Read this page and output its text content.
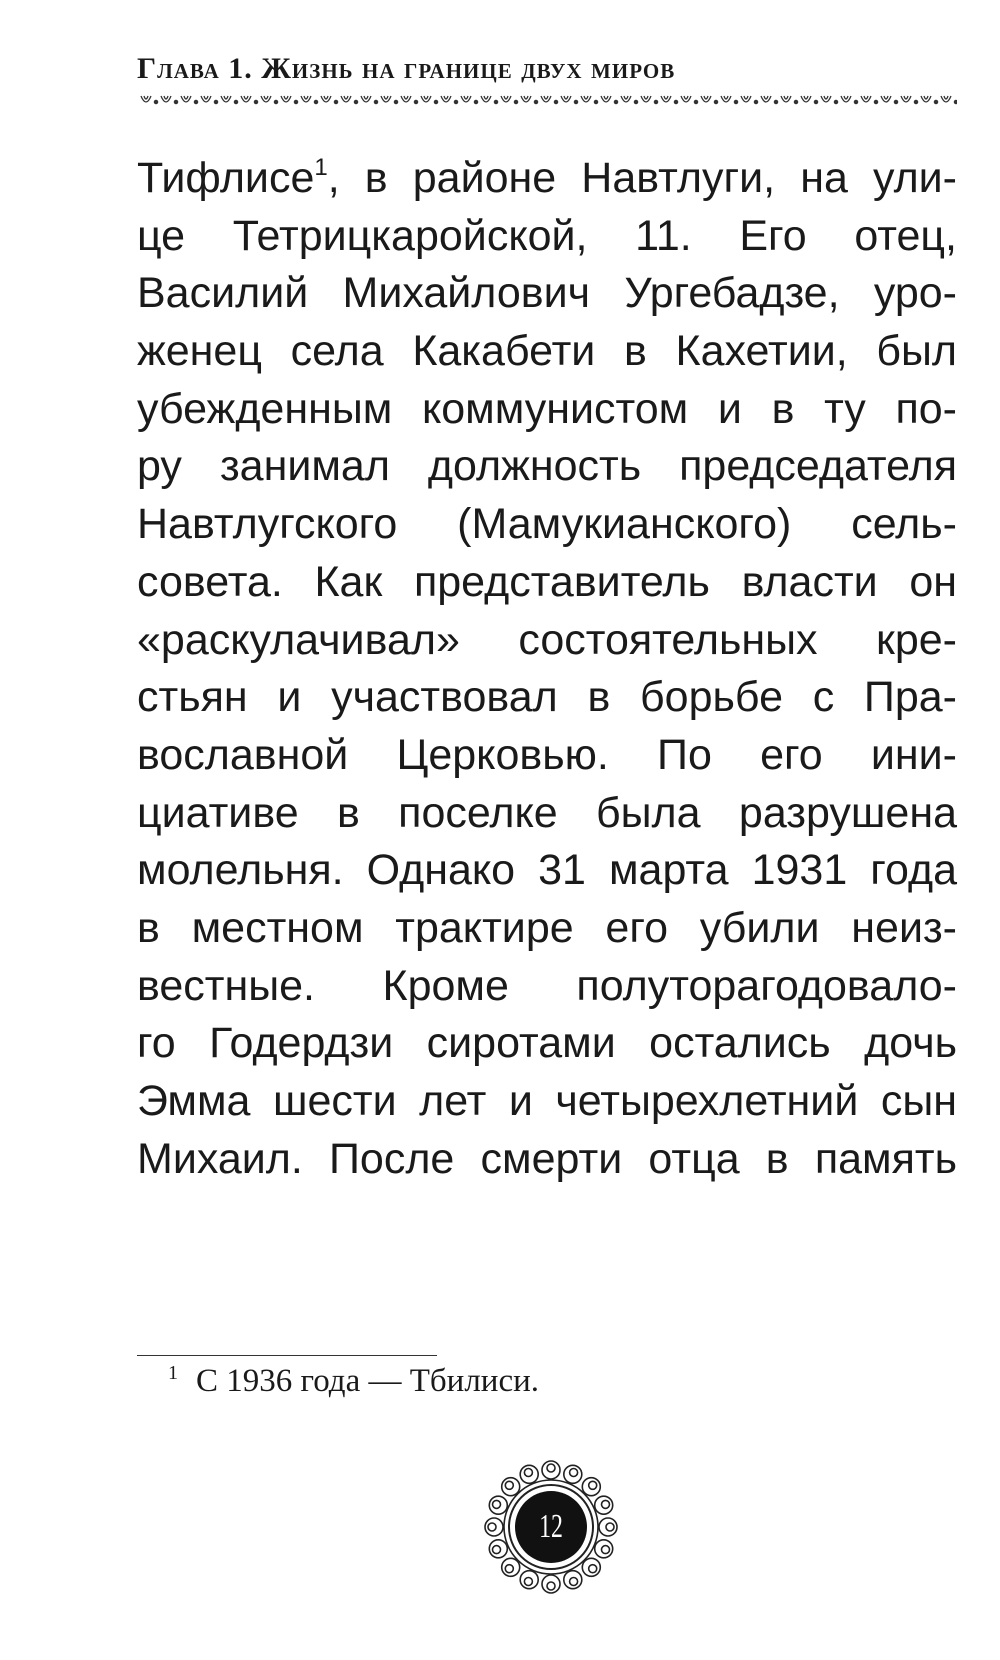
Глава 1. Жизнь на границе двух миров
Тифлисе$^1$, в районе Навтлуги, на ули-
це Тетрицкаройской, 11. Его отец,
Василий Михайлович Ургебадзе, уро-
женец села Какабети в Кахетии, был
убежденным коммунистом и в ту по-
ру занимал должность председателя
Навтлугского (Мамукианского) сель-
совета. Как представитель власти он
«раскулачивал» состоятельных кре-
стьян и участвовал в борьбе с Пра-
вославной Церковью. По его ини-
циативе в поселке была разрушена
молельня. Однако 31 марта 1931 года
в местном трактире его убили неиз-
вестные. Кроме полуторагодовало-
го Годердзи сиротами остались дочь
Эмма шести лет и четырехлетний сын
Михаил. После смерти отца в память
$^1$ С 1936 года — Тбилиси.
12
